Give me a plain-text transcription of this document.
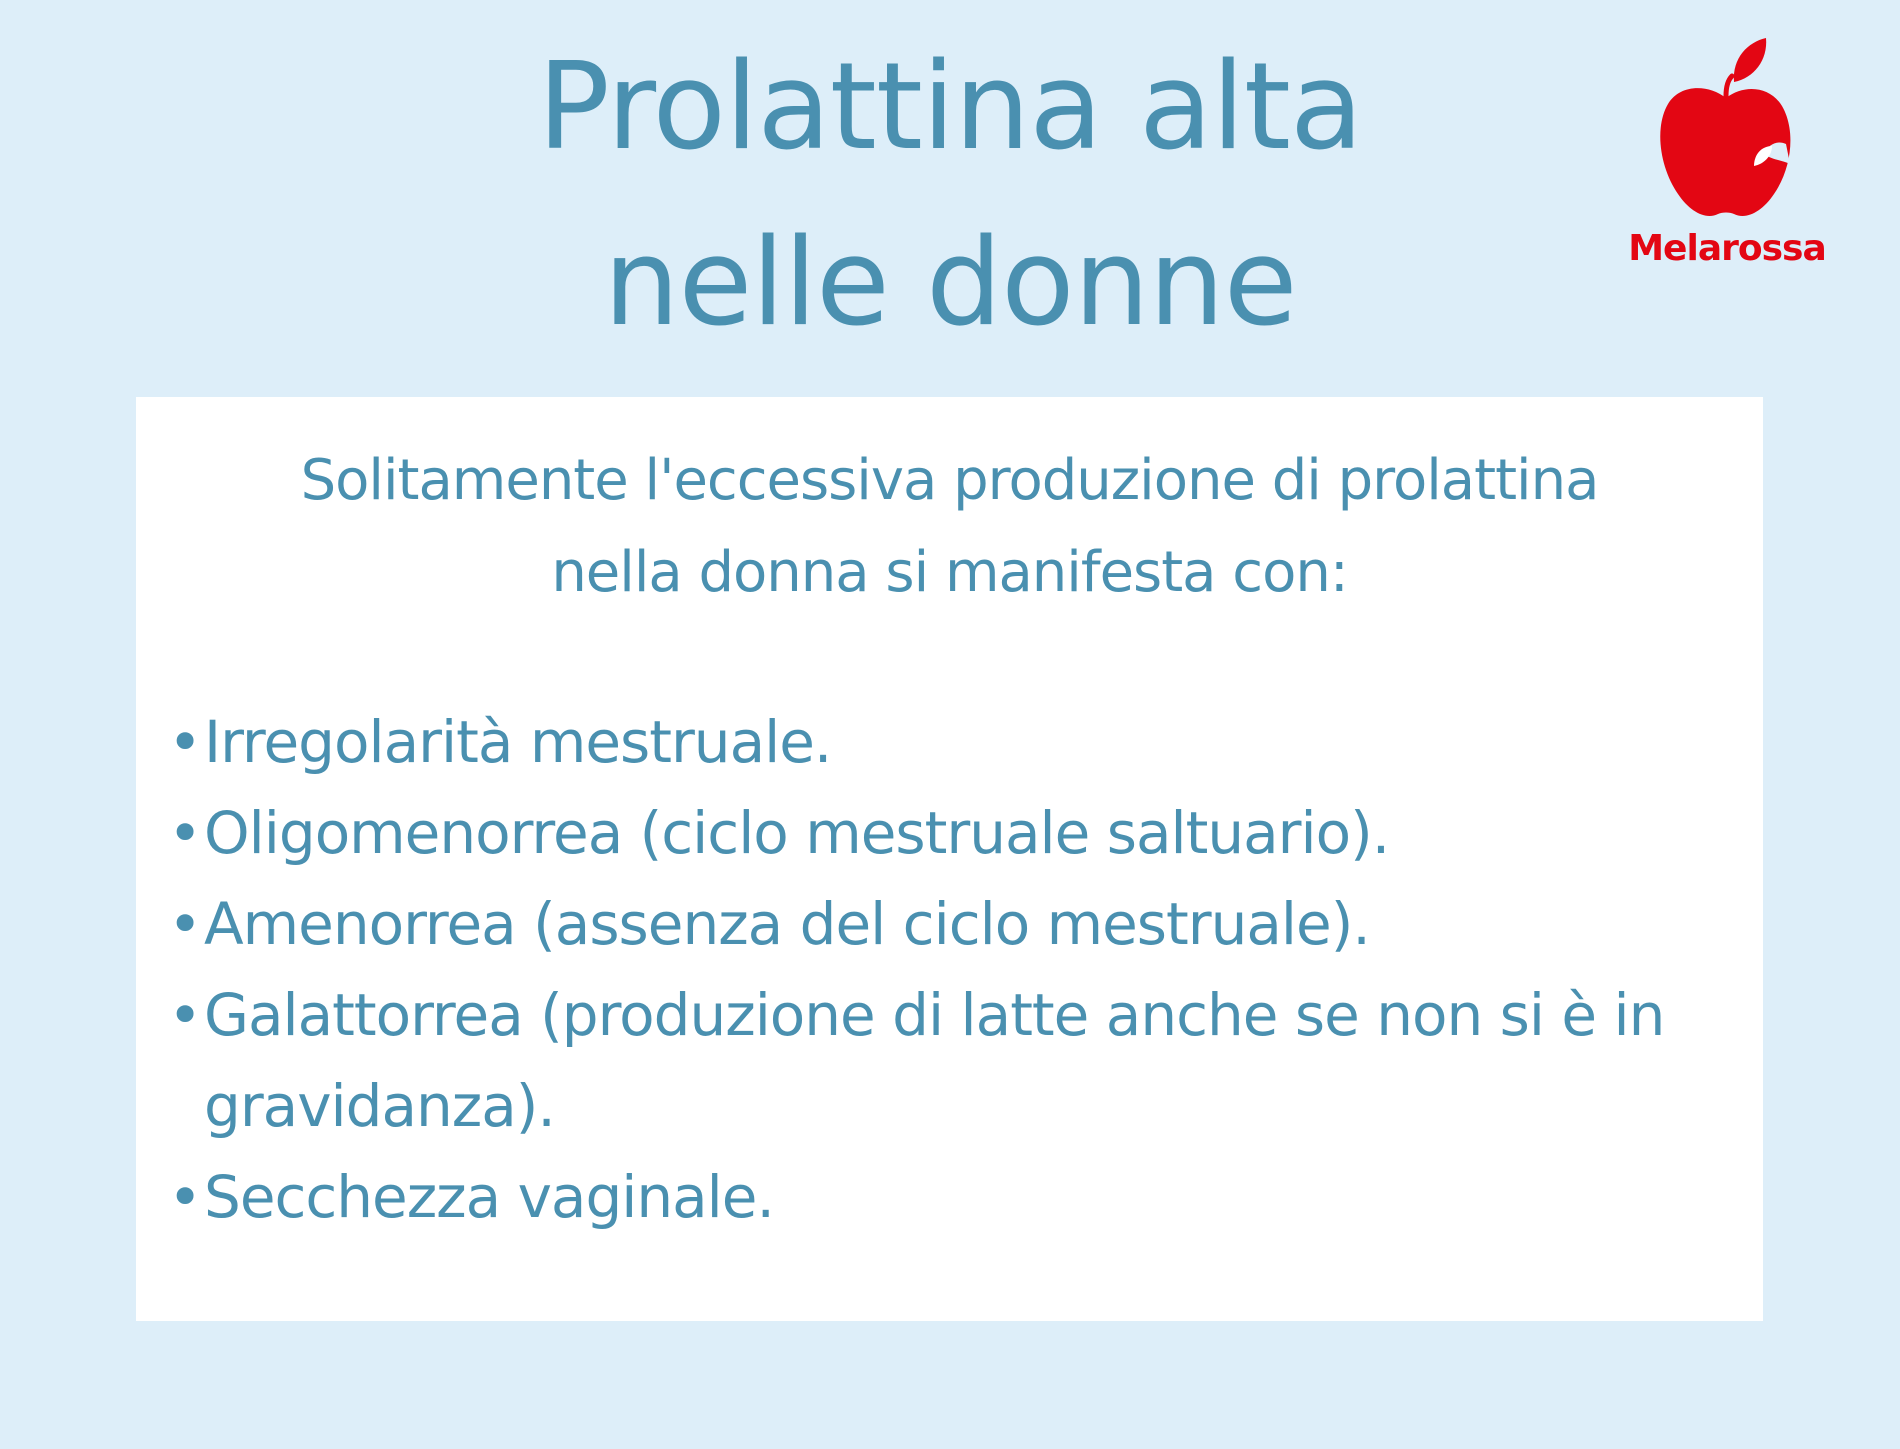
Prolattina alta
nelle donne	Melarossa
Solitamente l'eccessiva produzione di prolattina
nella donna si manifesta con:
• Irregolarità mestruale.
• Oligomenorrea (ciclo mestruale saltuario).
• Amenorrea (assenza del ciclo mestruale).
• Galattorrea (produzione di latte anche se non si è in gravidanza).
• Secchezza vaginale.
